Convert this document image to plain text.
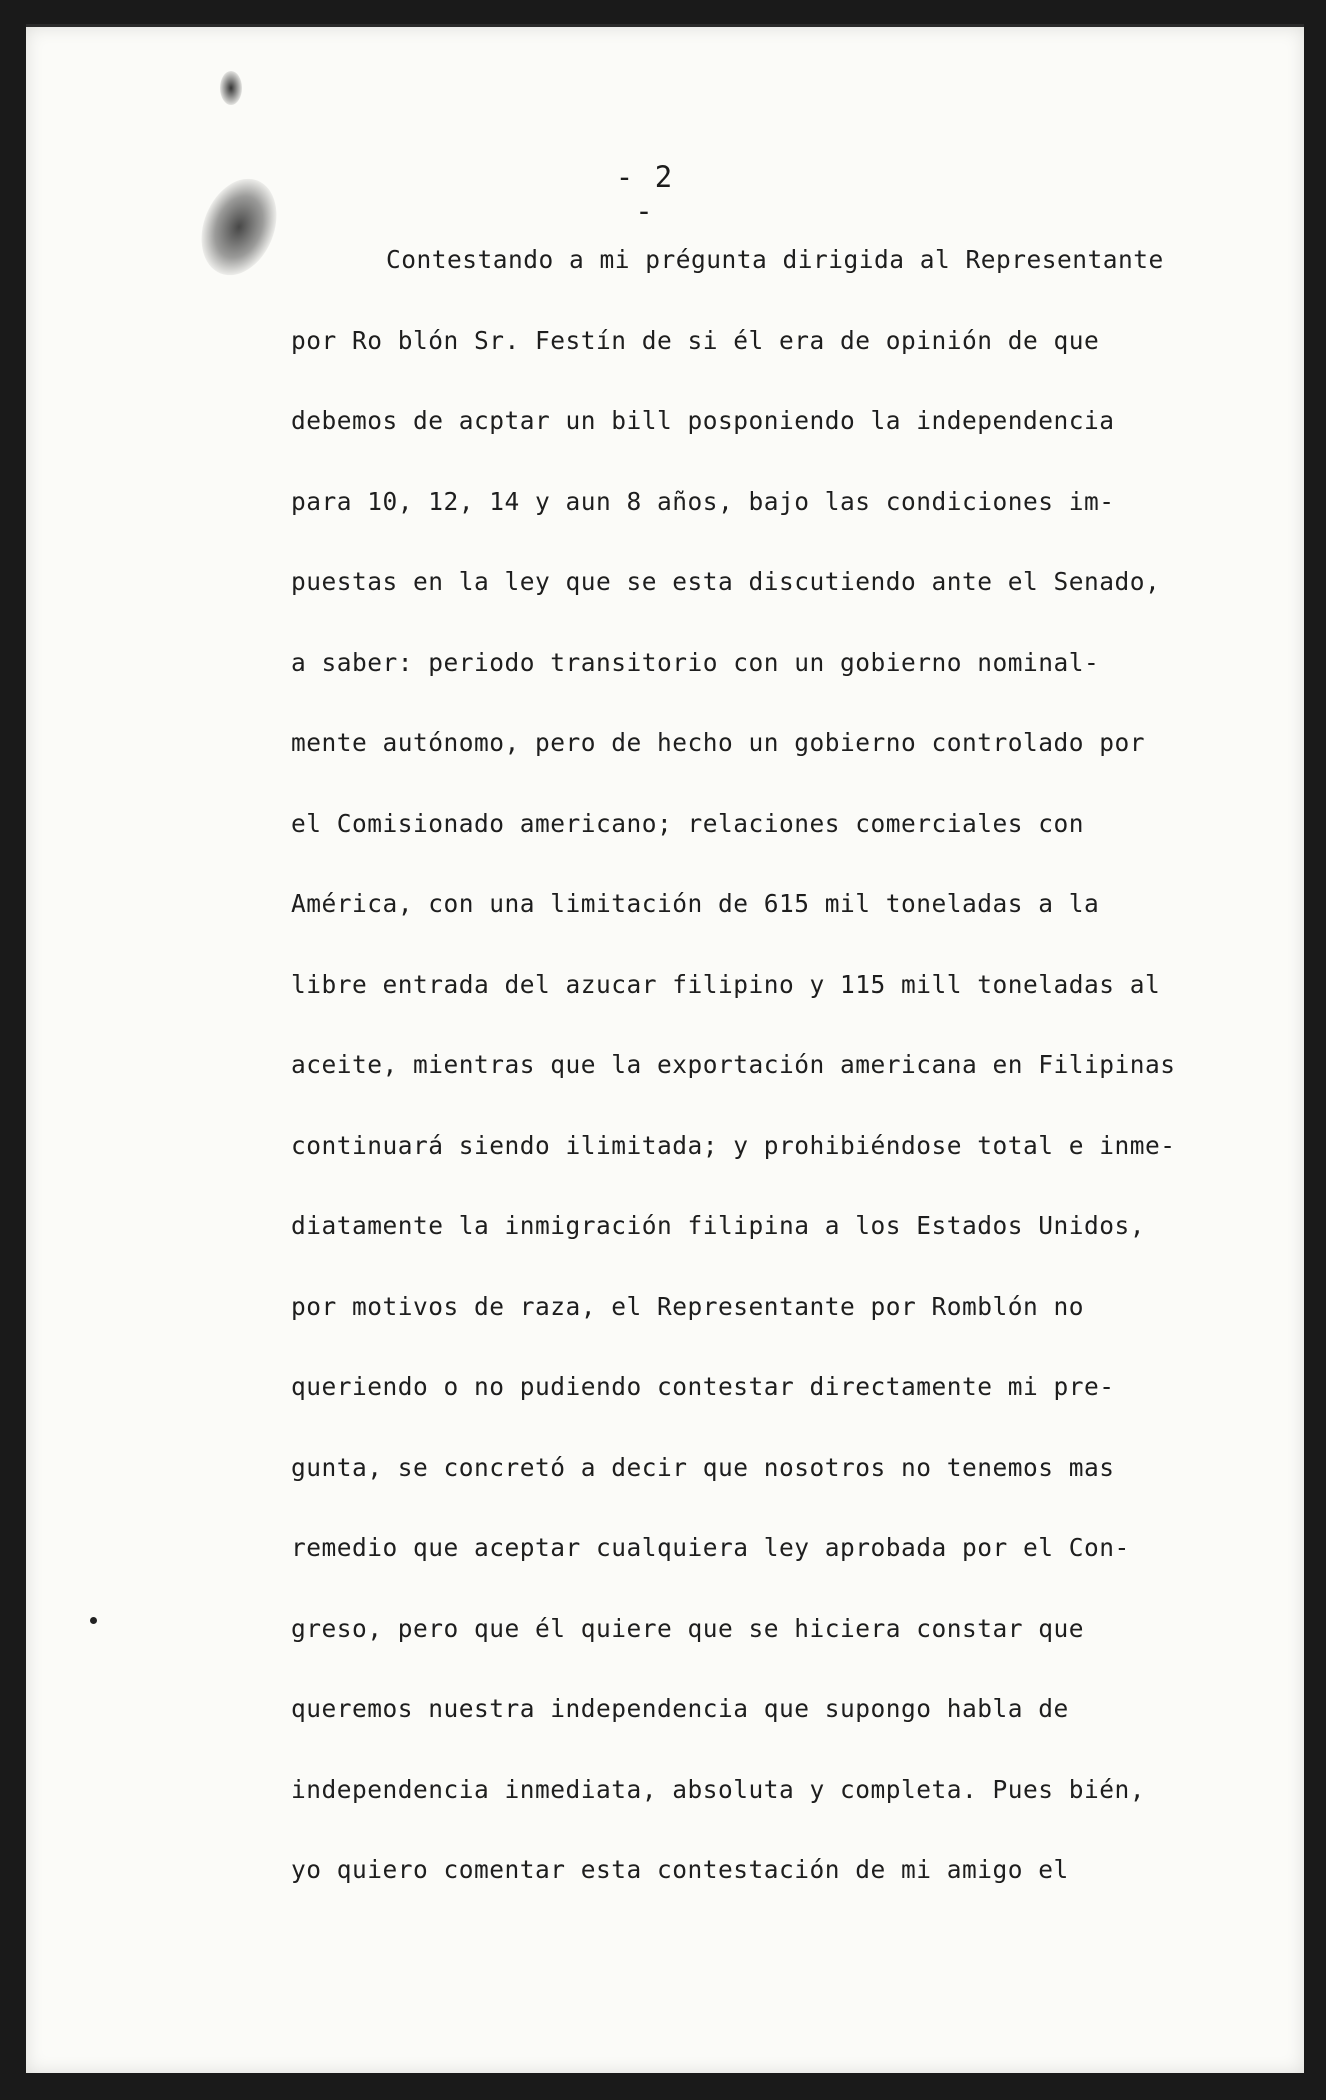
- 2 -
Contestando a mi prégunta dirigida al Representante
por Ro blón Sr. Festín de si él era de opinión de que
debemos de acptar un bill posponiendo la independencia
para 10, 12, 14 y aun 8 años, bajo las condiciones im-
puestas en la ley que se esta discutiendo ante el Senado,
a saber: periodo transitorio con un gobierno nominal-
mente autónomo, pero de hecho un gobierno controlado por
el Comisionado americano; relaciones comerciales con
América, con una limitación de 615 mil toneladas a la
libre entrada del azucar filipino y 115 mill toneladas al
aceite, mientras que la exportación americana en Filipinas
continuará siendo ilimitada; y prohibiéndose total e inme-
diatamente la inmigración filipina a los Estados Unidos,
por motivos de raza, el Representante por Romblón no
queriendo o no pudiendo contestar directamente mi pre-
gunta, se concretó a decir que nosotros no tenemos mas
remedio que aceptar cualquiera ley aprobada por el Con-
greso, pero que él quiere que se hiciera constar que
queremos nuestra independencia que supongo habla de
independencia inmediata, absoluta y completa. Pues bién,
yo quiero comentar esta contestación de mi amigo el
